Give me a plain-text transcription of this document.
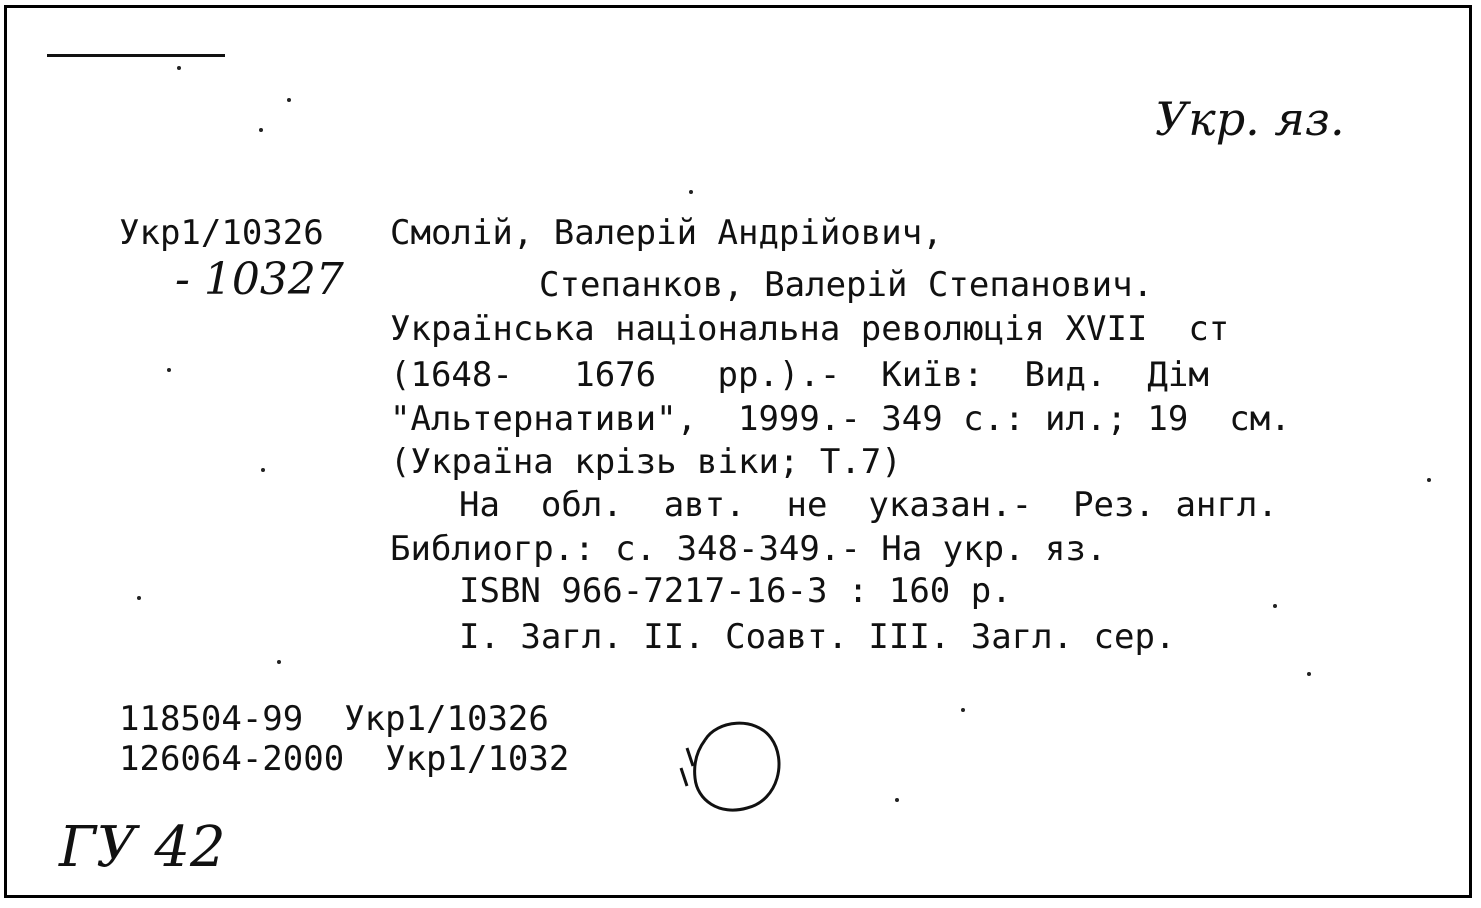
Укр. яз.
Укр1/10326 Смолій, Валерій Андрійович,
- 10327	Степанков, Валерій Степанович.
Українська національна революція XVII  ст
(1648-   1676   рр.).-  Київ:  Вид.  Дім
"Альтернативи",  1999.- 349 с.: ил.; 19  см.
(Україна крізь віки; Т.7)
На  обл.  авт.  не  указан.-  Рез. англ.
Библиогр.: с. 348-349.- На укр. яз.
ISBN 966-7217-16-3 : 160 р.
I. Загл. II. Соавт. III. Загл. сер.
118504-99  Укр1/10326
126064-2000  Укр1/1032
ГУ 42
